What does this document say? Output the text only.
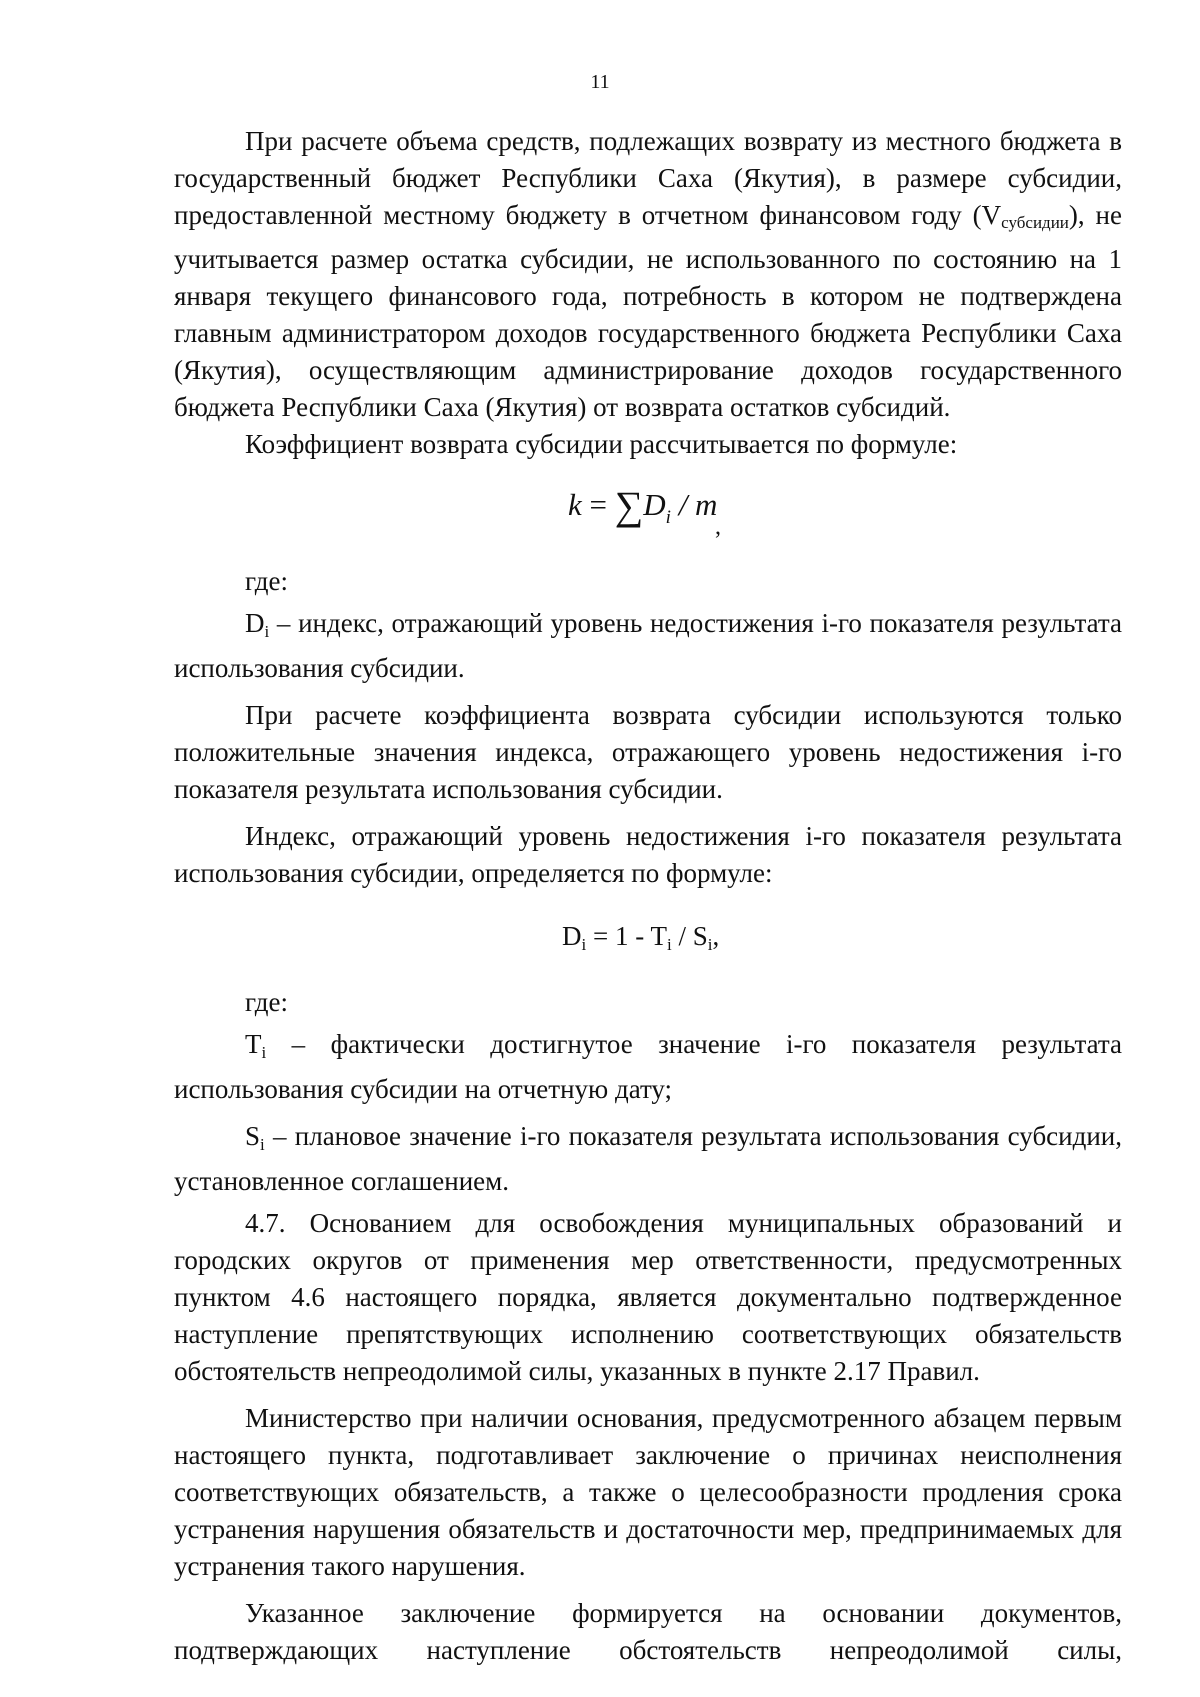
11

При расчете объема средств, подлежащих возврату из местного бюджета в государственный бюджет Республики Саха (Якутия), в размере субсидии, предоставленной местному бюджету в отчетном финансовом году (Vсубсидии), не учитывается размер остатка субсидии, не использованного по состоянию на 1 января текущего финансового года, потребность в котором не подтверждена главным администратором доходов государственного бюджета Республики Саха (Якутия), осуществляющим администрирование доходов государственного бюджета Республики Саха (Якутия) от возврата остатков субсидий.

Коэффициент возврата субсидии рассчитывается по формуле:

$k = \sum D_i / m$
,

где:

Di – индекс, отражающий уровень недостижения i-го показателя результата использования субсидии.

При расчете коэффициента возврата субсидии используются только положительные значения индекса, отражающего уровень недостижения i-го показателя результата использования субсидии.

Индекс, отражающий уровень недостижения i-го показателя результата использования субсидии, определяется по формуле:

Di = 1 - Ti / Si,

где:

Ti – фактически достигнутое значение i-го показателя результата использования субсидии на отчетную дату;

Si – плановое значение i-го показателя результата использования субсидии, установленное соглашением.

4.7. Основанием для освобождения муниципальных образований и городских округов от применения мер ответственности, предусмотренных пунктом 4.6 настоящего порядка, является документально подтвержденное наступление препятствующих исполнению соответствующих обязательств обстоятельств непреодолимой силы, указанных в пункте 2.17 Правил.

Министерство при наличии основания, предусмотренного абзацем первым настоящего пункта, подготавливает заключение о причинах неисполнения соответствующих обязательств, а также о целесообразности продления срока устранения нарушения обязательств и достаточности мер, предпринимаемых для устранения такого нарушения.

Указанное заключение формируется на основании документов, подтверждающих наступление обстоятельств непреодолимой силы,
